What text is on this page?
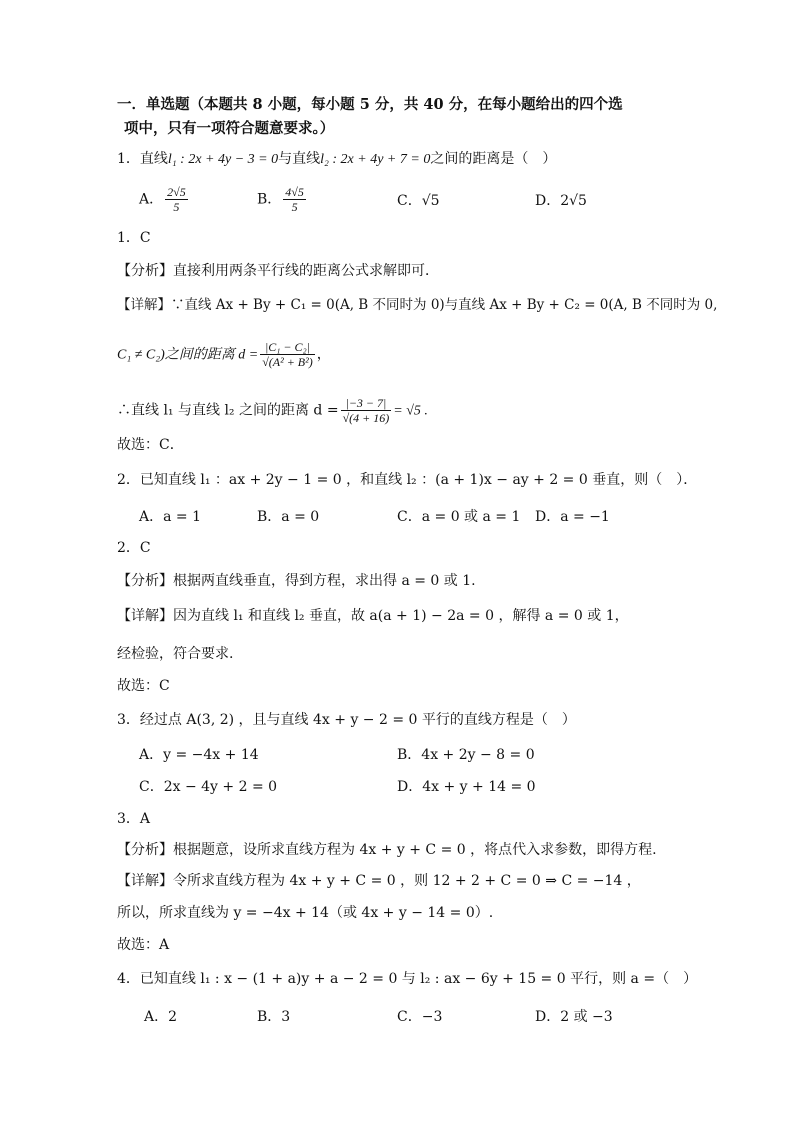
一．单选题（本题共 8 小题，每小题 5 分，共 40 分，在每小题给出的四个选
项中，只有一项符合题意要求。）
1．直线l₁ : 2x + 4y − 3 = 0与直线l₂ : 2x + 4y + 7 = 0之间的距离是（　）
A． $\frac{2√5}{5}$	B． $\frac{4√5}{5}$	C．√5	D．2√5
1．C
【分析】直接利用两条平行线的距离公式求解即可．
【详解】∵直线 Ax + By + C₁ = 0(A, B 不同时为 0)与直线 Ax + By + C₂ = 0(A, B 不同时为 0,
C₁ ≠ C₂)之间的距离 $d = \frac{\text{|C₁ − C₂|}}{\text{√(A² + B²)}}$ ，
∴直线 l₁ 与直线 l₂ 之间的距离 $d = \frac{|-3 - 7|}{√(4 + 16)} = √5$ .
故选：C．
2．已知直线 l₁ ：ax + 2y − 1 = 0 ，和直线 l₂ ：(a + 1)x − ay + 2 = 0 垂直，则（　）．
A．a = 1	B．a = 0	C．a = 0 或 a = 1 D．a = −1
2．C
【分析】根据两直线垂直，得到方程，求出得 a = 0 或 1.
【详解】因为直线 l₁ 和直线 l₂ 垂直，故 a(a + 1) − 2a = 0 ，解得 a = 0 或 1，
经检验，符合要求.
故选：C
3．经过点 A(3, 2) ，且与直线 4x + y − 2 = 0 平行的直线方程是（　）
A．y = −4x + 14	B．4x + 2y − 8 = 0
C．2x − 4y + 2 = 0	D．4x + y + 14 = 0
3．A
【分析】根据题意，设所求直线方程为 4x + y + C = 0 ，将点代入求参数，即得方程.
【详解】令所求直线方程为 4x + y + C = 0 ，则 12 + 2 + C = 0 ⇒ C = −14 ，
所以，所求直线为 y = −4x + 14（或 4x + y − 14 = 0）.
故选：A
4．已知直线 l₁ : x − (1 + a)y + a − 2 = 0 与 l₂ : ax − 6y + 15 = 0 平行，则 a =（　）
A．2	B．3	C．−3	D．2 或 −3
